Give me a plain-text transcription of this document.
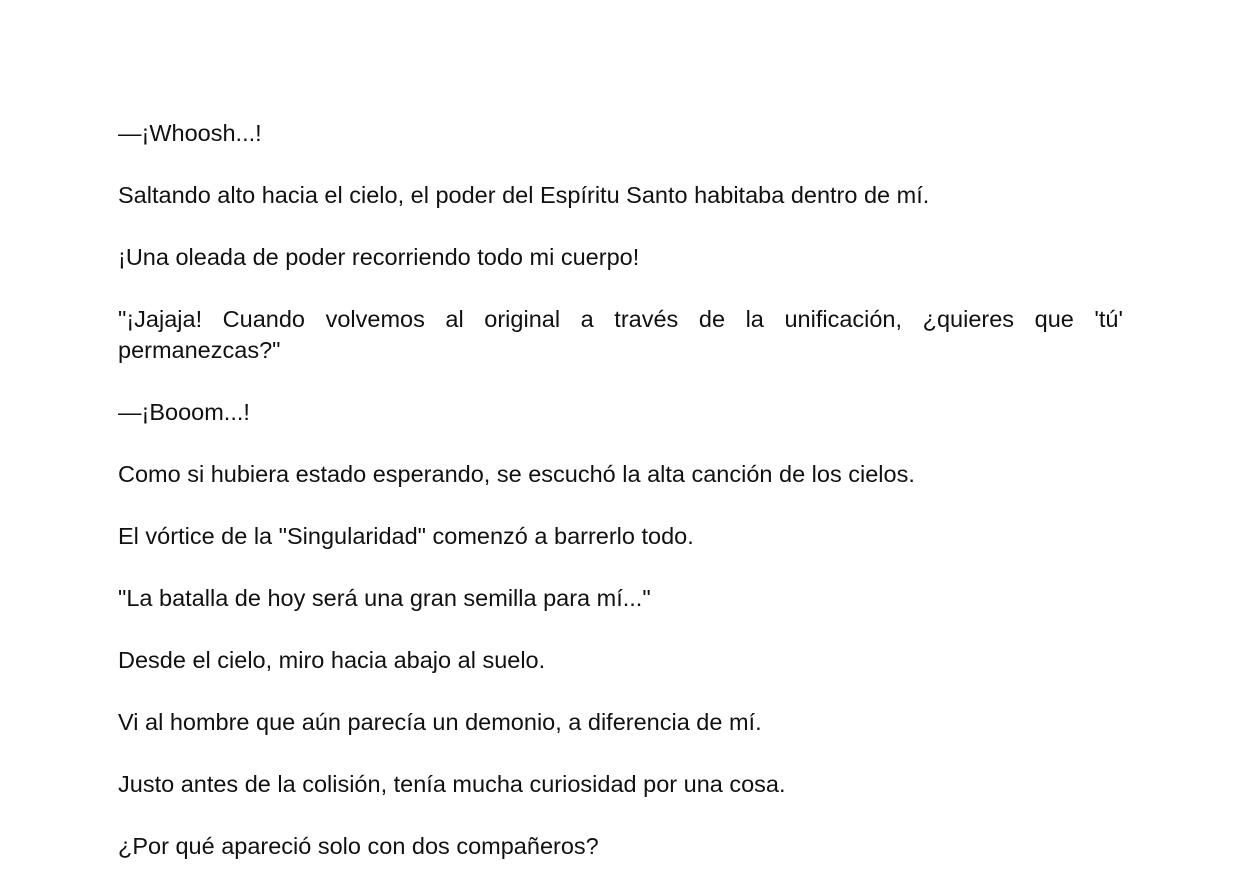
—¡Whoosh...!

Saltando alto hacia el cielo, el poder del Espíritu Santo habitaba dentro de mí.

¡Una oleada de poder recorriendo todo mi cuerpo!

"¡Jajaja! Cuando volvemos al original a través de la unificación, ¿quieres que 'tú' permanezcas?"

—¡Booom...!

Como si hubiera estado esperando, se escuchó la alta canción de los cielos.

El vórtice de la "Singularidad" comenzó a barrerlo todo.

"La batalla de hoy será una gran semilla para mí..."

Desde el cielo, miro hacia abajo al suelo.

Vi al hombre que aún parecía un demonio, a diferencia de mí.

Justo antes de la colisión, tenía mucha curiosidad por una cosa.

¿Por qué apareció solo con dos compañeros?
